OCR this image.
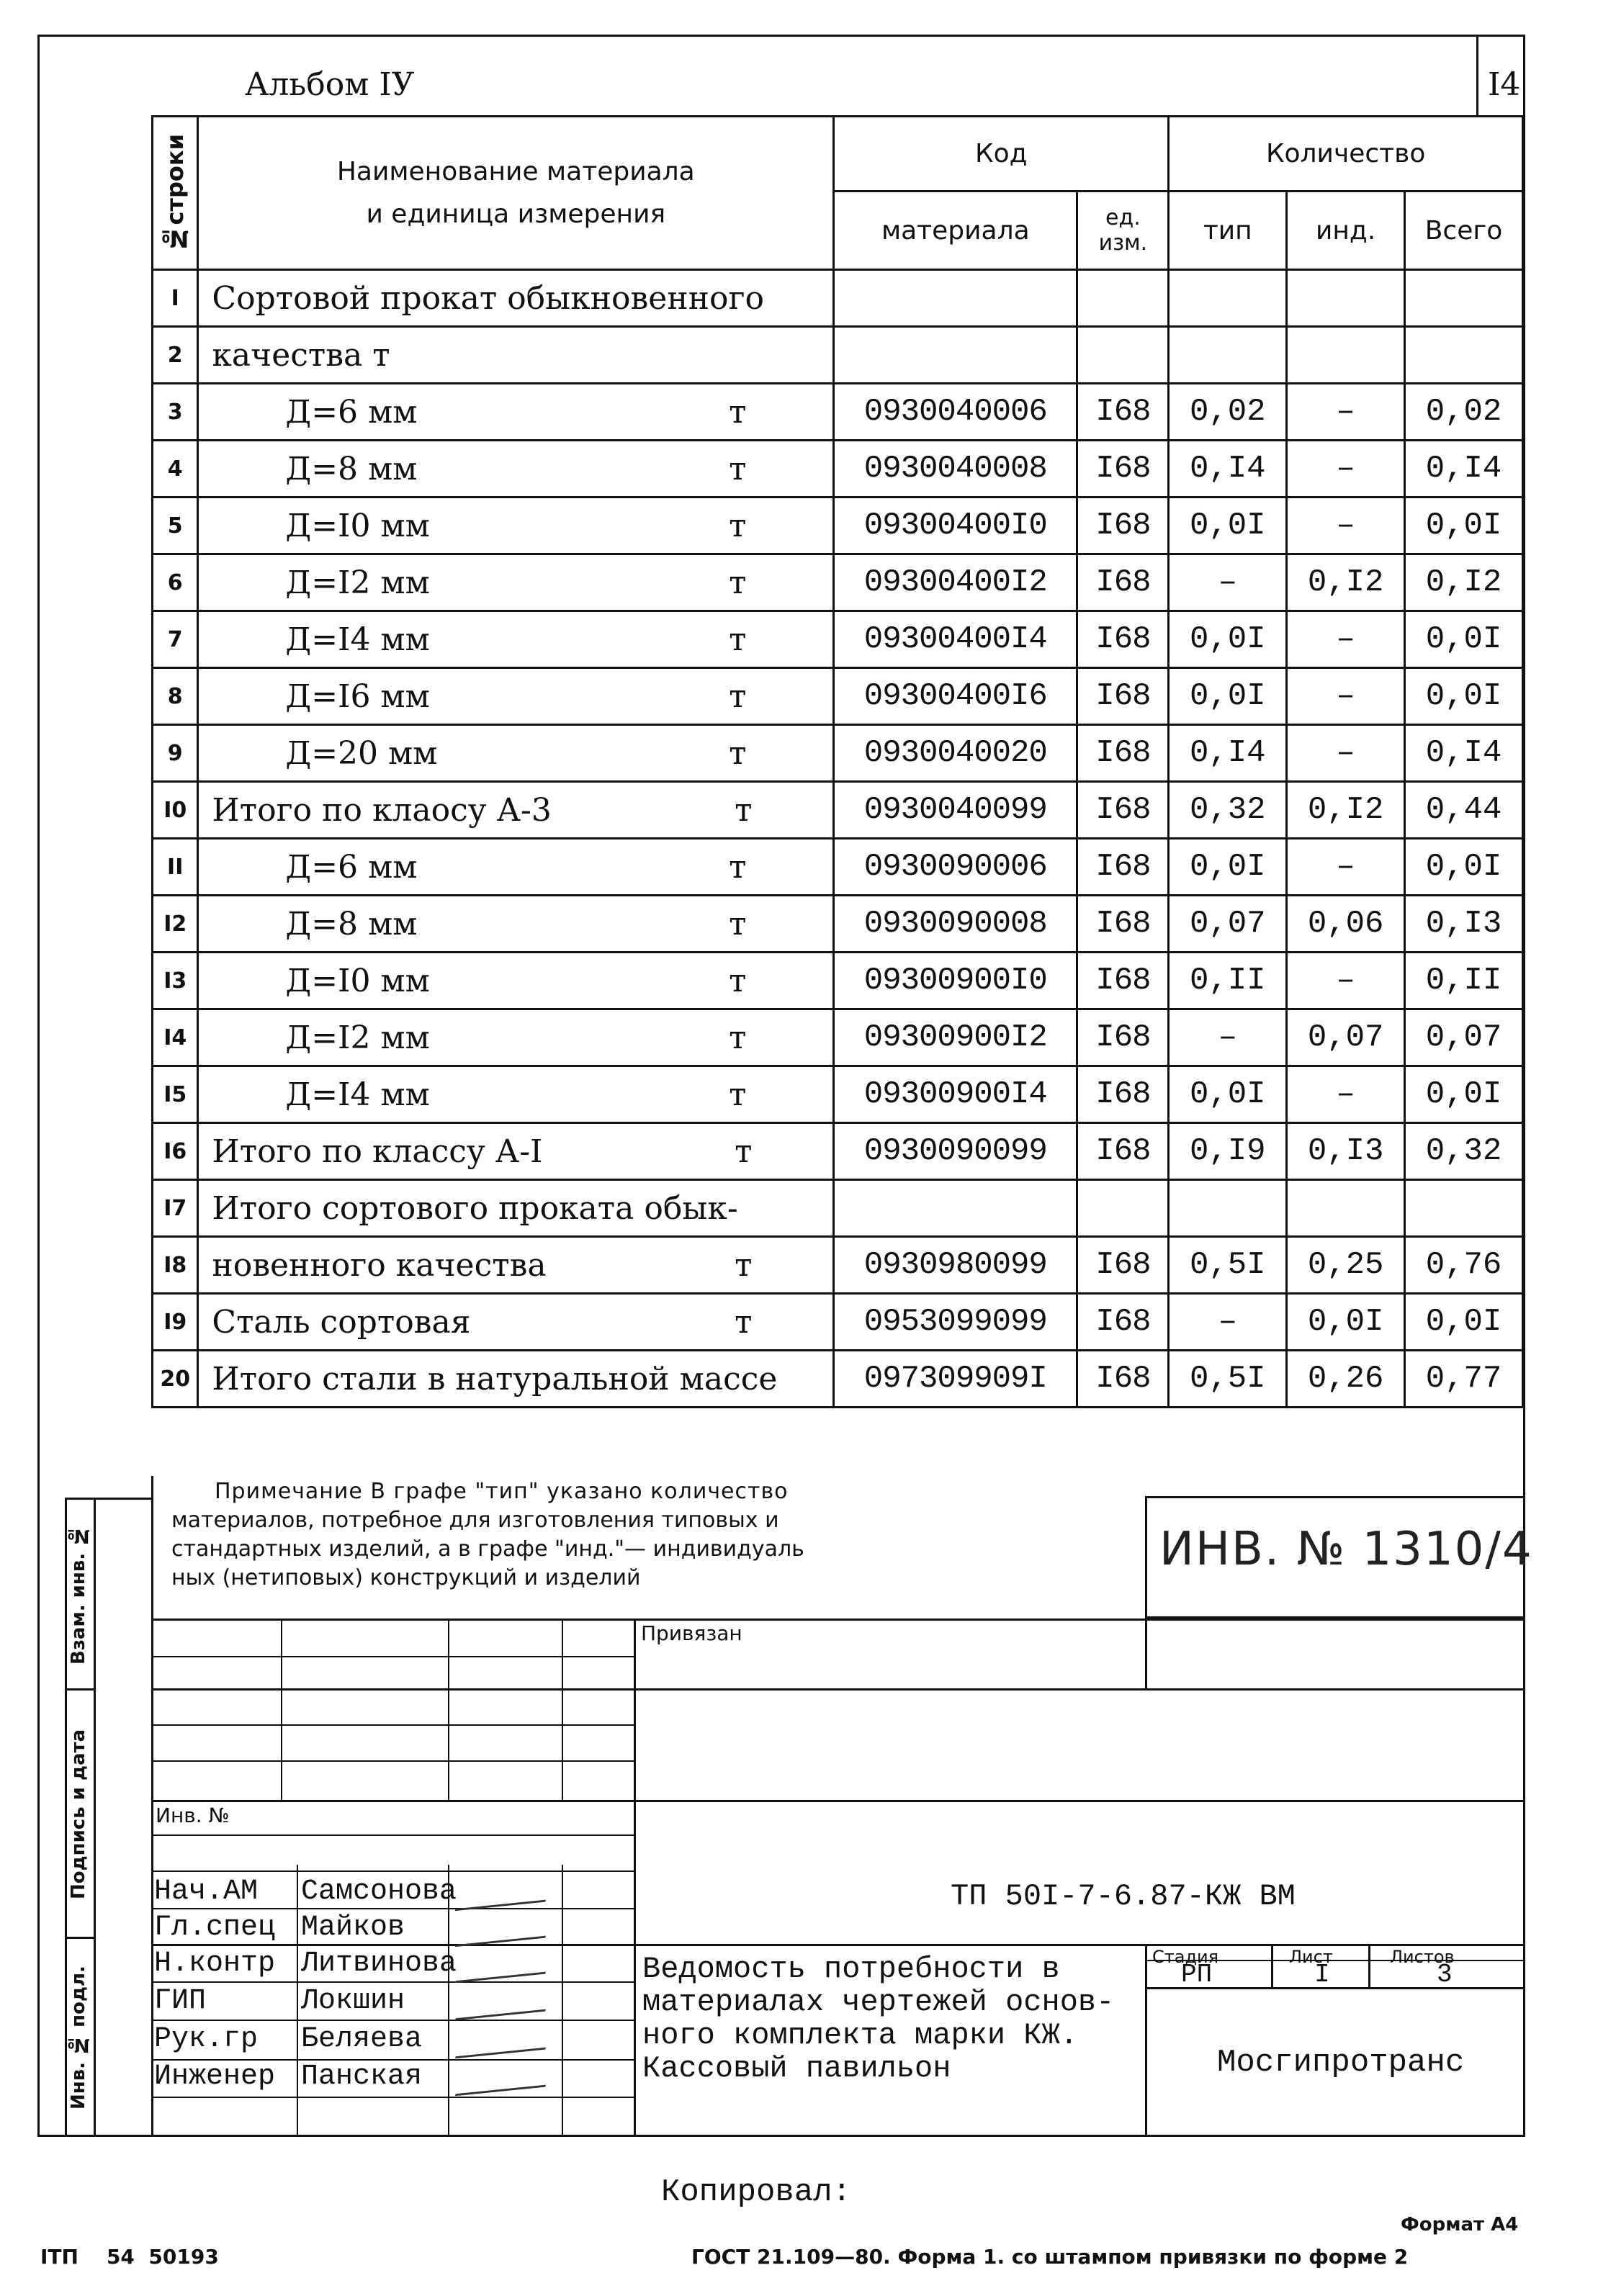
Альбом IУ	I4
№строки	Наименование материала
и единица измерения	Код		Количество		
		материала	ед. изм.	тип	инд.	Всего
I	Сортовой прокат обыкновенного					
2	качества т					
3	Д=6 мм т	0930040006	I68	0,02	–	0,02
4	Д=8 мм т	0930040008	I68	0,I4	–	0,I4
5	Д=I0 мм т	09300400I0	I68	0,0I	–	0,0I
6	Д=I2 мм т	09300400I2	I68	–	0,I2	0,I2
7	Д=I4 мм т	09300400I4	I68	0,0I	–	0,0I
8	Д=I6 мм т	09300400I6	I68	0,0I	–	0,0I
9	Д=20 мм т	0930040020	I68	0,I4	–	0,I4
I0	Итого по клаосу А-3 т	0930040099	I68	0,32	0,I2	0,44
II	Д=6 мм т	0930090006	I68	0,0I	–	0,0I
I2	Д=8 мм т	0930090008	I68	0,07	0,06	0,I3
I3	Д=I0 мм т	09300900I0	I68	0,II	–	0,II
I4	Д=I2 мм т	09300900I2	I68	–	0,07	0,07
I5	Д=I4 мм т	09300900I4	I68	0,0I	–	0,0I
I6	Итого по классу А-I т	0930090099	I68	0,I9	0,I3	0,32
I7	Итого сортового проката обык-					
I8	новенного качества т	0930980099	I68	0,5I	0,25	0,76
I9	Сталь сортовая т	0953099099	I68	–	0,0I	0,0I
20	Итого стали в натуральной массе	097309909I	I68	0,5I	0,26	0,77
Примечание В графе "тип" указано количество
материалов, потребное для изготовления типовых и
стандартных изделий, а в графе "инд."— индивидуаль
ных (нетиповых) конструкций и изделий
ИНВ. № 1310/4
Взам. инв. №
Подпись и дата
Инв. № подл.
Привязан
Инв. №
ТП 50I-7-6.87-КЖ ВМ
Нач.АМ Самсонова
Гл.спец Майков
Н.контр Литвинова
ГИП	Локшин
Рук.гр Беляева
Инженер Панская
Ведомость потребности в
материалах чертежей основ-
ного комплекта марки КЖ.
Кассовый павильон
Стадия	Лист	Листов
РП	I	3
Мосгипротранс
Копировал:
Формат А4
ІТП    54  50193	ГОСТ 21.109—80. Форма 1. со штампом привязки по форме 2
